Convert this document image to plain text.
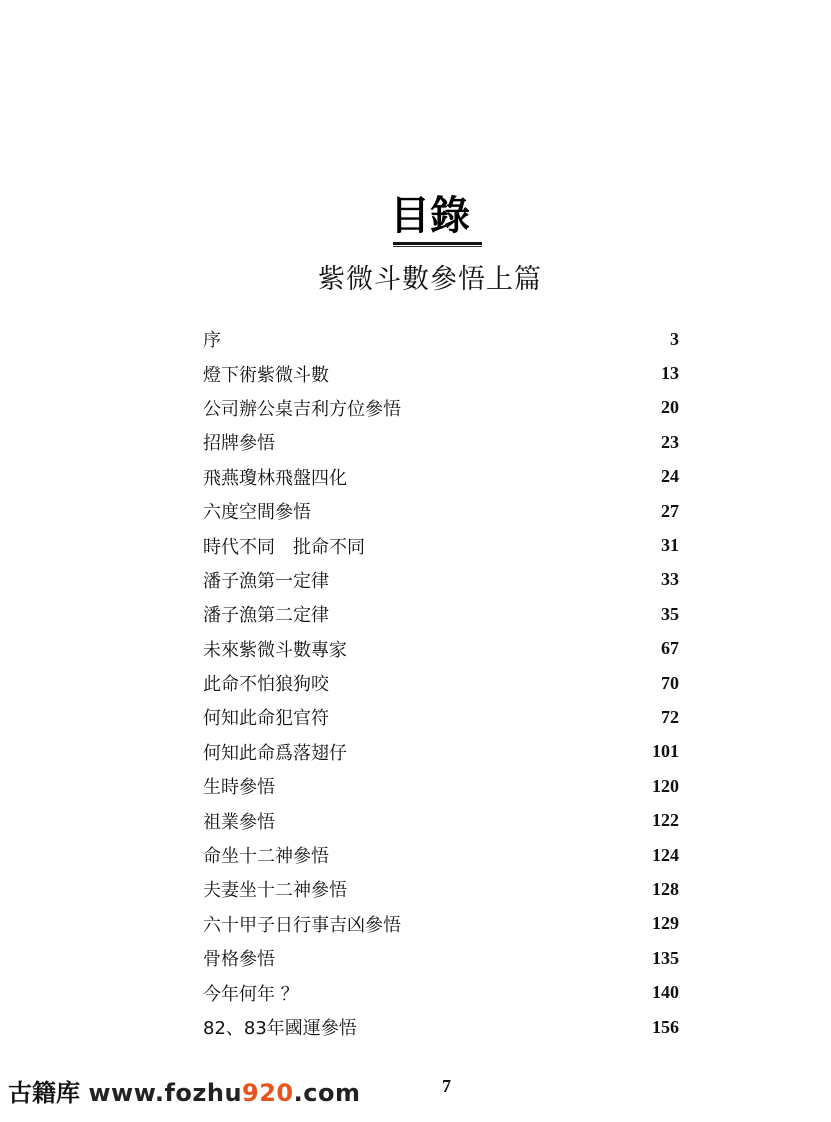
目錄
紫微斗數參悟上篇
序	3
燈下術紫微斗數	13
公司辦公桌吉利方位參悟	20
招牌參悟	23
飛燕瓊林飛盤四化	24
六度空間參悟	27
時代不同　批命不同	31
潘子漁第一定律	33
潘子漁第二定律	35
未來紫微斗數專家	67
此命不怕狼狗咬	70
何知此命犯官符	72
何知此命爲落翅仔	101
生時參悟	120
祖業參悟	122
命坐十二神參悟	124
夫妻坐十二神參悟	128
六十甲子日行事吉凶參悟	129
骨格參悟	135
今年何年 ？	140
82、83年國運參悟	156
古籍库 www.fozhu920.com	7
